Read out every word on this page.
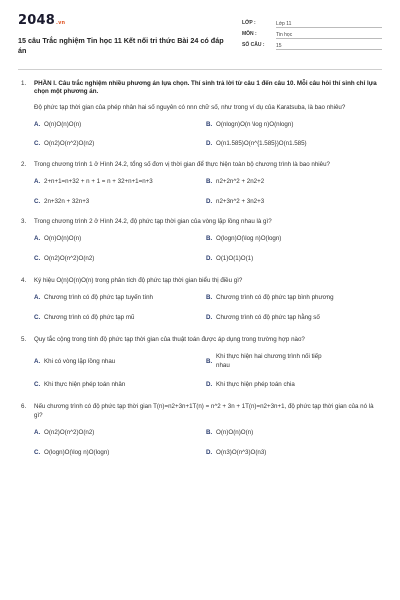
2048.vn
15 câu Trắc nghiệm Tin học 11 Kết nối tri thức Bài 24 có đáp án
LỚP :	Lớp 11
MÔN :	Tin học
SỐ CÂU :	15
1.	PHẦN I. Câu trắc nghiệm nhiều phương án lựa chọn. Thí sinh trả lời từ câu 1 đến câu 10. Mỗi câu hỏi thí sinh chỉ lựa chọn một phương án.
Độ phức tạp thời gian của phép nhân hai số nguyên có nnn chữ số, như trong ví dụ của Karatsuba, là bao nhiêu?
A. O(n)O(n)O(n)	B. O(nlogn)O(n \log n)O(nlogn)
C. O(n2)O(n^2)O(n2)	D. O(n1.585)O(n^{1.585})O(n1.585)
2.	Trong chương trình 1 ở Hình 24.2, tổng số đơn vị thời gian để thực hiện toàn bộ chương trình là bao nhiêu?
A. 2+n+1=n+32 + n + 1 = n + 32+n+1=n+3	B. n2+2n^2 + 2n2+2
C. 2n+32n + 32n+3	D. n2+3n^2 + 3n2+3
3.	Trong chương trình 2 ở Hình 24.2, độ phức tạp thời gian của vòng lặp lồng nhau là gì?
A. O(n)O(n)O(n)	B. O(logn)O(\log n)O(logn)
C. O(n2)O(n^2)O(n2)	D. O(1)O(1)O(1)
4.	Ký hiệu O(n)O(n)O(n) trong phân tích độ phức tạp thời gian biểu thị điều gì?
A. Chương trình có độ phức tạp tuyến tính	B. Chương trình có độ phức tạp bình phương
C. Chương trình có độ phức tạp mũ	D. Chương trình có độ phức tạp hằng số
5.	Quy tắc cộng trong tính độ phức tạp thời gian của thuật toán được áp dụng trong trường hợp nào?
A. Khi có vòng lặp lồng nhau	B.
Khi thực hiện hai chương trình nối tiếp nhau
C. Khi thực hiện phép toán nhân	D. Khi thực hiện phép toán chia
6.	Nếu chương trình có độ phức tạp thời gian T(n)=n2+3n+1T(n) = n^2 + 3n + 1T(n)=n2+3n+1, độ phức tạp thời gian của nó là gì?
A. O(n2)O(n^2)O(n2)	B. O(n)O(n)O(n)
C. O(logn)O(\log n)O(logn)	D. O(n3)O(n^3)O(n3)
